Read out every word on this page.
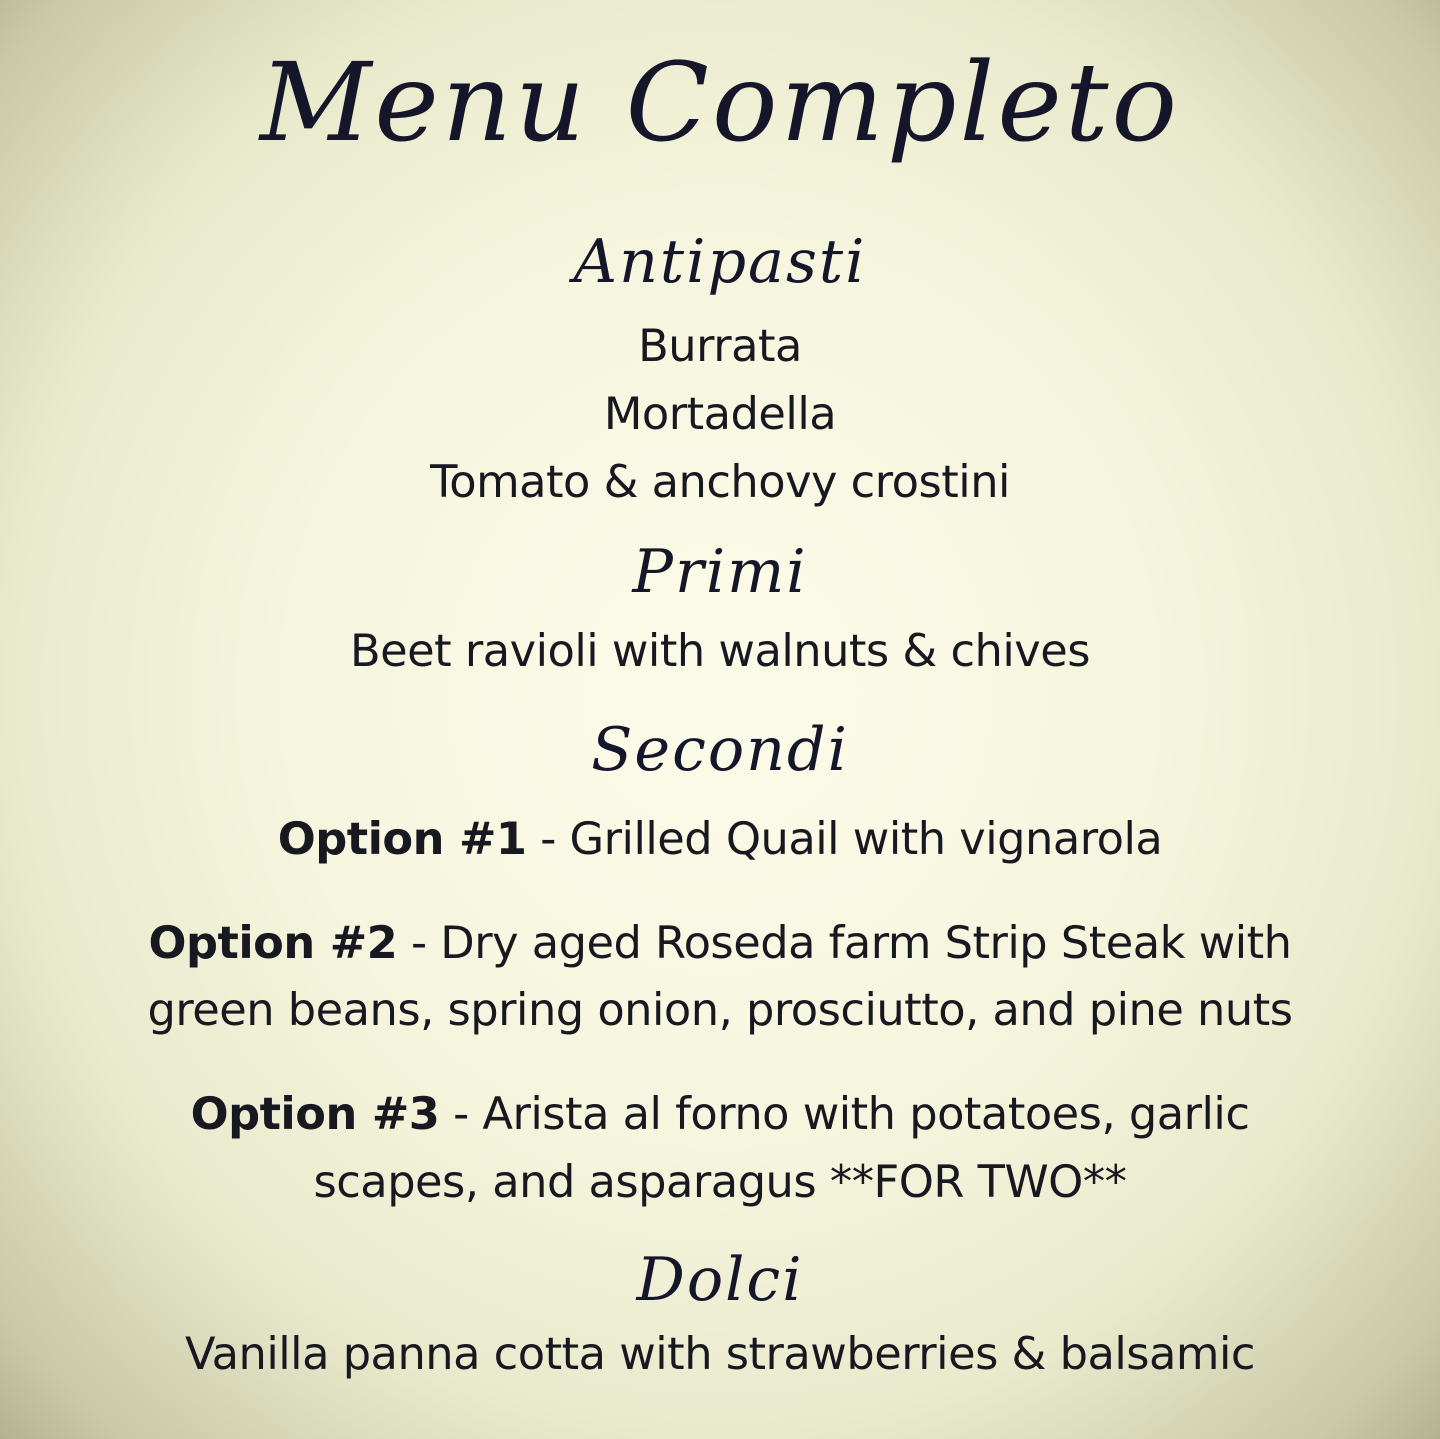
Menu Completo
Antipasti
Burrata
Mortadella
Tomato & anchovy crostini
Primi
Beet ravioli with walnuts & chives
Secondi
Option #1 - Grilled Quail with vignarola
Option #2 - Dry aged Roseda farm Strip Steak with
green beans, spring onion, prosciutto, and pine nuts
Option #3 - Arista al forno with potatoes, garlic
scapes, and asparagus **FOR TWO**
Dolci
Vanilla panna cotta with strawberries & balsamic
